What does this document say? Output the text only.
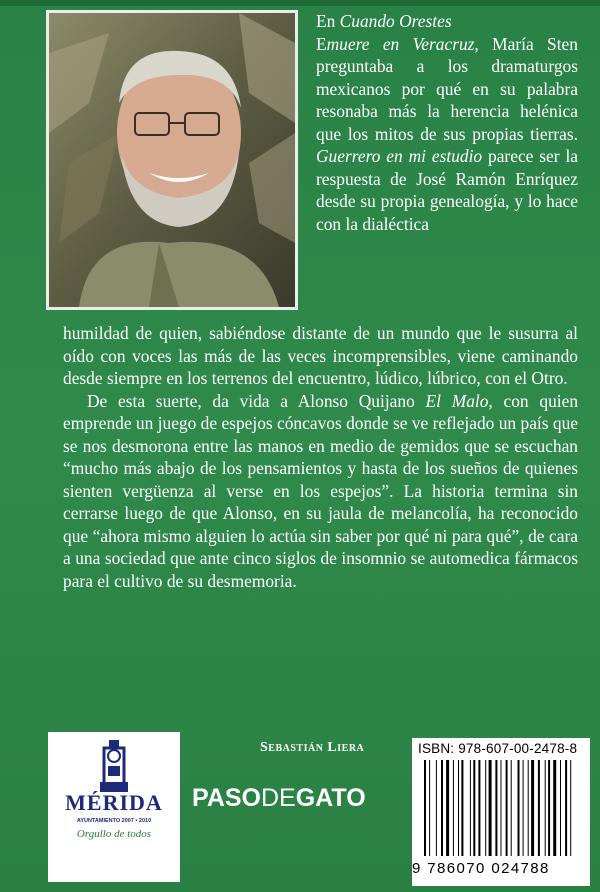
En Cuando Orestes
Emuere en Veracruz, María Sten preguntaba a los dramaturgos mexicanos por qué en su palabra resonaba más la herencia helénica que los mitos de sus propias tierras. Guerrero en mi estudio parece ser la respuesta de José Ramón Enríquez desde su propia genealogía, y lo hace con la dialéctica

humildad de quien, sabiéndose distante de un mundo que le susurra al oído con voces las más de las veces incomprensibles, viene caminando desde siempre en los terrenos del encuentro, lúdico, lúbrico, con el Otro.

De esta suerte, da vida a Alonso Quijano El Malo, con quien emprende un juego de espejos cóncavos donde se ve reflejado un país que se nos desmorona entre las manos en medio de gemidos que se escuchan “mucho más abajo de los pensamientos y hasta de los sueños de quienes sienten vergüenza al verse en los espejos”. La historia termina sin cerrarse luego de que Alonso, en su jaula de melancolía, ha reconocido que “ahora mismo alguien lo actúa sin saber por qué ni para qué”, de cara a una sociedad que ante cinco siglos de insomnio se automedica fármacos para el cultivo de su desmemoria.

Sebastián Liera
MÉRIDA
AYUNTAMIENTO 2007 • 2010
Orgullo de todos
PASODEGATO
ISBN: 978-607-00-2478-8
9 786070 024788
